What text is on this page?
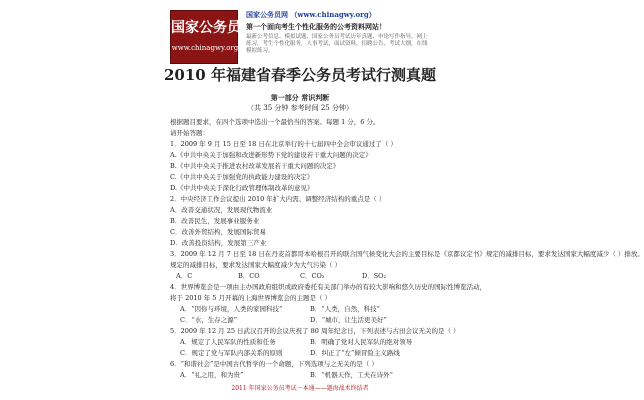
国家公务员网
www.chinagwy.org
国家公务员网 （www.chinagwy.org）
第一个面向考生个性化服务的公考资料网站！
最新公考信息、模拟试题、国家公务员考试历年真题、申论写作指导、网上练习，考生个性化服务，人事考试，面试资料，招聘公告，考试大纲，在线模拟练习。
2010 年福建省春季公务员考试行测真题
第一部分 常识判断
（共 35 分钟 参考时间 25 分钟）
根据题目要求，在四个选项中选出一个最恰当的答案。每题 1 分，6 分。
请开始答题：
1．2009 年 9 月 15 日至 18 日在北京举行的十七届四中全会审议通过了（ ）
A.《中共中央关于加强和改进新形势下党的建设若干重大问题的决定》
B.《中共中央关于推进农村改革发展若干重大问题的决定》
C.《中共中央关于加强党的执政能力建设的决定》
D.《中共中央关于深化行政管理体制改革的意见》
2．中央经济工作会议提出 2010 年扩大内需、调整经济结构的重点是（ ）
A．改善交通状况，发展现代物流业
B．改善民生，发展事业服务业
C．改善外贸结构，发展国际贸易
D．改善投资结构，发展第三产业
3．2009 年 12 月 7 日至 18 日在丹麦首都哥本哈根召开的联合国气候变化大会的主要目标是《京都议定书》规定的减排目标，要求发达国家大幅度减少（ ）排放。
规定的减排目标，要求发达国家大幅度减少为大气污染（ ）
A．C	B．CO	C．CO₂	D．SO₂
4．世界博览会是一项由主办国政府组织或政府委托有关部门举办的有较大影响和悠久历史的国际性博览活动，
将于 2010 年 5 月开幕的上海世界博览会的主题是（ ）
A．“因你与环境，人类的家园科技”	B．“人类，自然，科技”
C．“水，生存之源”	D．“城市，让生活更美好”
5．2009 年 12 月 25 日武汉召开的会议庆祝了 80 周年纪念日，下列表述与古田会议无关的是（ ）
A．规定了人民军队的性质和任务	B．明确了党对人民军队的绝对领导
C．规定了党与军队内部关系的原则	D．纠正了“左”倾冒险主义路线
6．“和谐社会”是中国古代哲学的一个命题，下列选项与之无关的是（ ）
A．“礼之用，和为贵”	B．“机器天作，工夫在诗外”
2011 年国家公务员考试一本通——题海战术终结者
